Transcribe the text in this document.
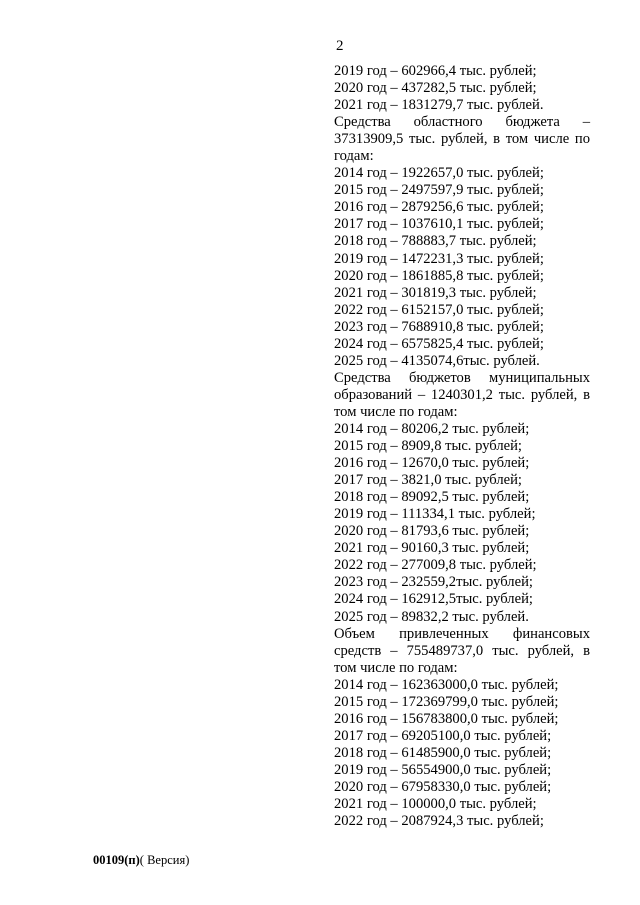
2
2019 год – 602966,4 тыс. рублей;
2020 год – 437282,5 тыс. рублей;
2021 год – 1831279,7 тыс. рублей.
Средства областного бюджета –
37313909,5 тыс. рублей, в том числе по
годам:
2014 год – 1922657,0 тыс. рублей;
2015 год – 2497597,9 тыс. рублей;
2016 год – 2879256,6 тыс. рублей;
2017 год – 1037610,1 тыс. рублей;
2018 год – 788883,7 тыс. рублей;
2019 год – 1472231,3 тыс. рублей;
2020 год – 1861885,8 тыс. рублей;
2021 год – 301819,3 тыс. рублей;
2022 год – 6152157,0 тыс. рублей;
2023 год – 7688910,8 тыс. рублей;
2024 год – 6575825,4 тыс. рублей;
2025 год – 4135074,6тыс. рублей.
Средства бюджетов муниципальных
образований – 1240301,2 тыс. рублей, в
том числе по годам:
2014 год – 80206,2 тыс. рублей;
2015 год – 8909,8 тыс. рублей;
2016 год – 12670,0 тыс. рублей;
2017 год – 3821,0 тыс. рублей;
2018 год – 89092,5 тыс. рублей;
2019 год – 111334,1 тыс. рублей;
2020 год – 81793,6 тыс. рублей;
2021 год – 90160,3 тыс. рублей;
2022 год – 277009,8 тыс. рублей;
2023 год – 232559,2тыс. рублей;
2024 год – 162912,5тыс. рублей;
2025 год – 89832,2 тыс. рублей.
Объем привлеченных финансовых
средств – 755489737,0 тыс. рублей, в
том числе по годам:
2014 год – 162363000,0 тыс. рублей;
2015 год – 172369799,0 тыс. рублей;
2016 год – 156783800,0 тыс. рублей;
2017 год – 69205100,0 тыс. рублей;
2018 год – 61485900,0 тыс. рублей;
2019 год – 56554900,0 тыс. рублей;
2020 год – 67958330,0 тыс. рублей;
2021 год – 100000,0 тыс. рублей;
2022 год – 2087924,3 тыс. рублей;
00109(п)( Версия)
